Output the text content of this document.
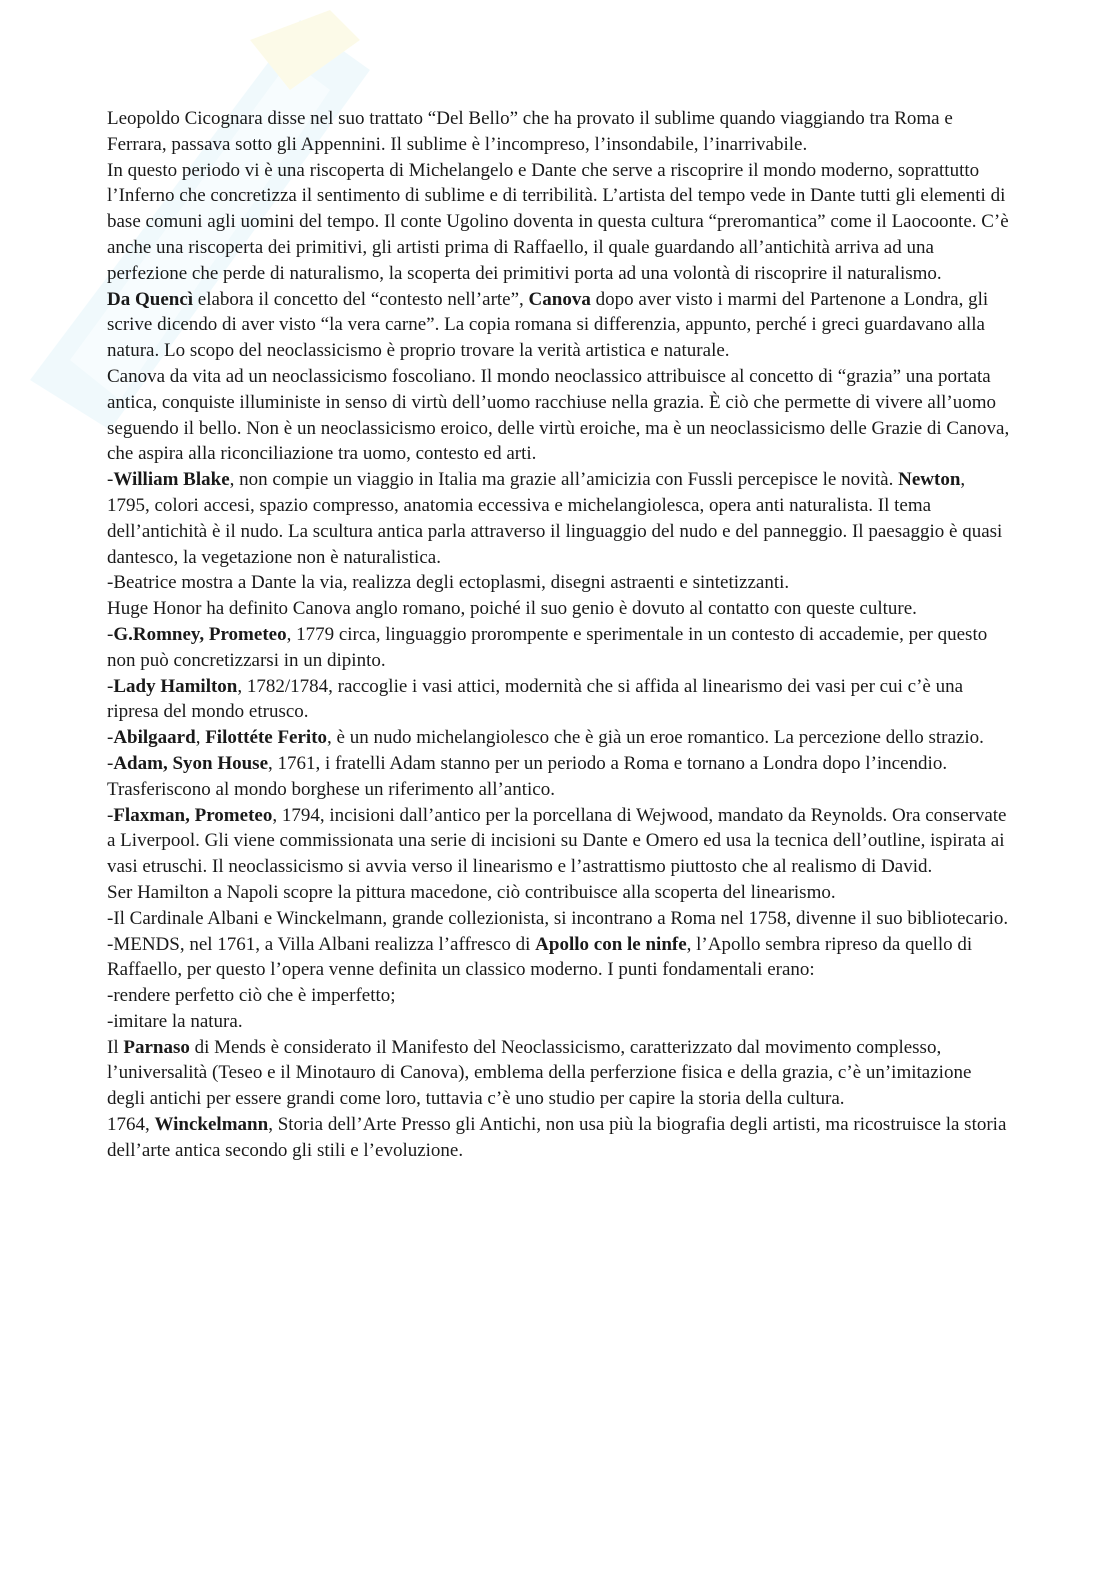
Leopoldo Cicognara disse nel suo trattato “Del Bello” che ha provato il sublime quando viaggiando tra Roma e Ferrara, passava sotto gli Appennini. Il sublime è l’incompreso, l’insondabile, l’inarrivabile.

In questo periodo vi è una riscoperta di Michelangelo e Dante che serve a riscoprire il mondo moderno, soprattutto l’Inferno che concretizza il sentimento di sublime e di terribilità. L’artista del tempo vede in Dante tutti gli elementi di base comuni agli uomini del tempo. Il conte Ugolino doventa in questa cultura “preromantica” come il Laocoonte. C’è anche una riscoperta dei primitivi, gli artisti prima di Raffaello, il quale guardando all’antichità arriva ad una perfezione che perde di naturalismo, la scoperta dei primitivi porta ad una volontà di riscoprire il naturalismo.

Da Quencì elabora il concetto del “contesto nell’arte”, Canova dopo aver visto i marmi del Partenone a Londra, gli scrive dicendo di aver visto “la vera carne”. La copia romana si differenzia, appunto, perché i greci guardavano alla natura. Lo scopo del neoclassicismo è proprio trovare la verità artistica e naturale.

Canova da vita ad un neoclassicismo foscoliano. Il mondo neoclassico attribuisce al concetto di “grazia” una portata antica, conquiste illuministe in senso di virtù dell’uomo racchiuse nella grazia. È ciò che permette di vivere all’uomo seguendo il bello. Non è un neoclassicismo eroico, delle virtù eroiche, ma è un neoclassicismo delle Grazie di Canova, che aspira alla riconciliazione tra uomo, contesto ed arti.

-William Blake, non compie un viaggio in Italia ma grazie all’amicizia con Fussli percepisce le novità. Newton, 1795, colori accesi, spazio compresso, anatomia eccessiva e michelangiolesca, opera anti naturalista. Il tema dell’antichità è il nudo. La scultura antica parla attraverso il linguaggio del nudo e del panneggio. Il paesaggio è quasi dantesco, la vegetazione non è naturalistica.

-Beatrice mostra a Dante la via, realizza degli ectoplasmi, disegni astraenti e sintetizzanti.

Huge Honor ha definito Canova anglo romano, poiché il suo genio è dovuto al contatto con queste culture.

-G.Romney, Prometeo, 1779 circa, linguaggio prorompente e sperimentale in un contesto di accademie, per questo non può concretizzarsi in un dipinto.

-Lady Hamilton, 1782/1784, raccoglie i vasi attici, modernità che si affida al linearismo dei vasi per cui c’è una ripresa del mondo etrusco.

-Abilgaard, Filottéte Ferito, è un nudo michelangiolesco che è già un eroe romantico. La percezione dello strazio.

-Adam, Syon House, 1761, i fratelli Adam stanno per un periodo a Roma e tornano a Londra dopo l’incendio. Trasferiscono al mondo borghese un riferimento all’antico.

-Flaxman, Prometeo, 1794, incisioni dall’antico per la porcellana di Wejwood, mandato da Reynolds. Ora conservate a Liverpool. Gli viene commissionata una serie di incisioni su Dante e Omero ed usa la tecnica dell’outline, ispirata ai vasi etruschi. Il neoclassicismo si avvia verso il linearismo e l’astrattismo piuttosto che al realismo di David.

Ser Hamilton a Napoli scopre la pittura macedone, ciò contribuisce alla scoperta del linearismo.

-Il Cardinale Albani e Winckelmann, grande collezionista, si incontrano a Roma nel 1758, divenne il suo bibliotecario.

-MENDS, nel 1761, a Villa Albani realizza l’affresco di Apollo con le ninfe, l’Apollo sembra ripreso da quello di Raffaello, per questo l’opera venne definita un classico moderno. I punti fondamentali erano:

-rendere perfetto ciò che è imperfetto;

-imitare la natura.

Il Parnaso di Mends è considerato il Manifesto del Neoclassicismo, caratterizzato dal movimento complesso, l’universalità (Teseo e il Minotauro di Canova), emblema della perferzione fisica e della grazia, c’è un’imitazione degli antichi per essere grandi come loro, tuttavia c’è uno studio per capire la storia della cultura.

1764, Winckelmann, Storia dell’Arte Presso gli Antichi, non usa più la biografia degli artisti, ma ricostruisce la storia dell’arte antica secondo gli stili e l’evoluzione.
